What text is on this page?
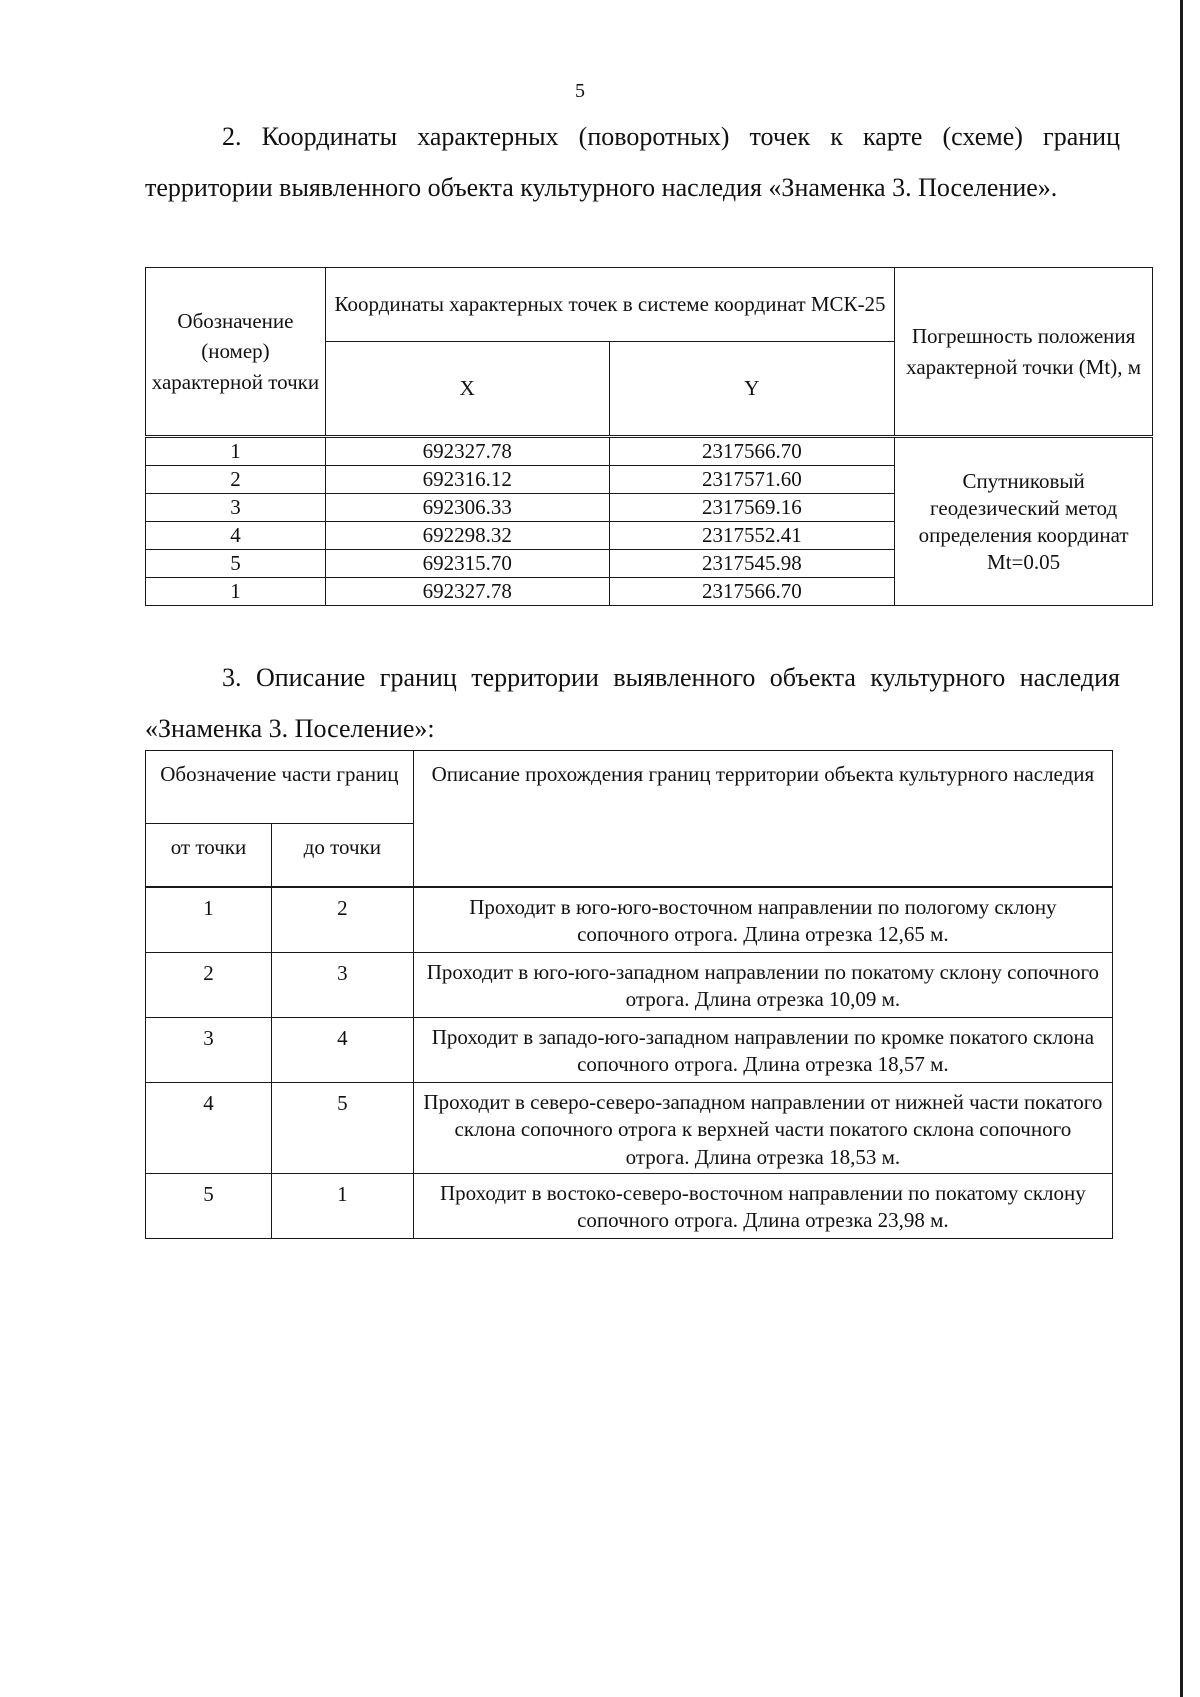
5

2. Координаты характерных (поворотных) точек к карте (схеме) границ территории выявленного объекта культурного наследия «Знаменка 3. Поселение».

Обозначение (номер) характерной точки	Координаты характерных точек в системе координат МСК-25		Погрешность положения характерной точки (Mt), м
	X	Y	
1	692327.78	2317566.70	Спутниковый геодезический метод определения координат Mt=0.05
2	692316.12	2317571.60	
3	692306.33	2317569.16	
4	692298.32	2317552.41	
5	692315.70	2317545.98	
1	692327.78	2317566.70	

3. Описание границ территории выявленного объекта культурного наследия «Знаменка 3. Поселение»:

Обозначение части границ		Описание прохождения границ территории объекта культурного наследия
от точки	до точки	
1	2	Проходит в юго-юго-восточном направлении по пологому склону сопочного отрога. Длина отрезка 12,65 м.
2	3	Проходит в юго-юго-западном направлении по покатому склону сопочного отрога. Длина отрезка 10,09 м.
3	4	Проходит в западо-юго-западном направлении по кромке покатого склона сопочного отрога. Длина отрезка 18,57 м.
4	5	Проходит в северо-северо-западном направлении от нижней части покатого склона сопочного отрога к верхней части покатого склона сопочного отрога. Длина отрезка 18,53 м.
5	1	Проходит в востоко-северо-восточном направлении по покатому склону сопочного отрога. Длина отрезка 23,98 м.
